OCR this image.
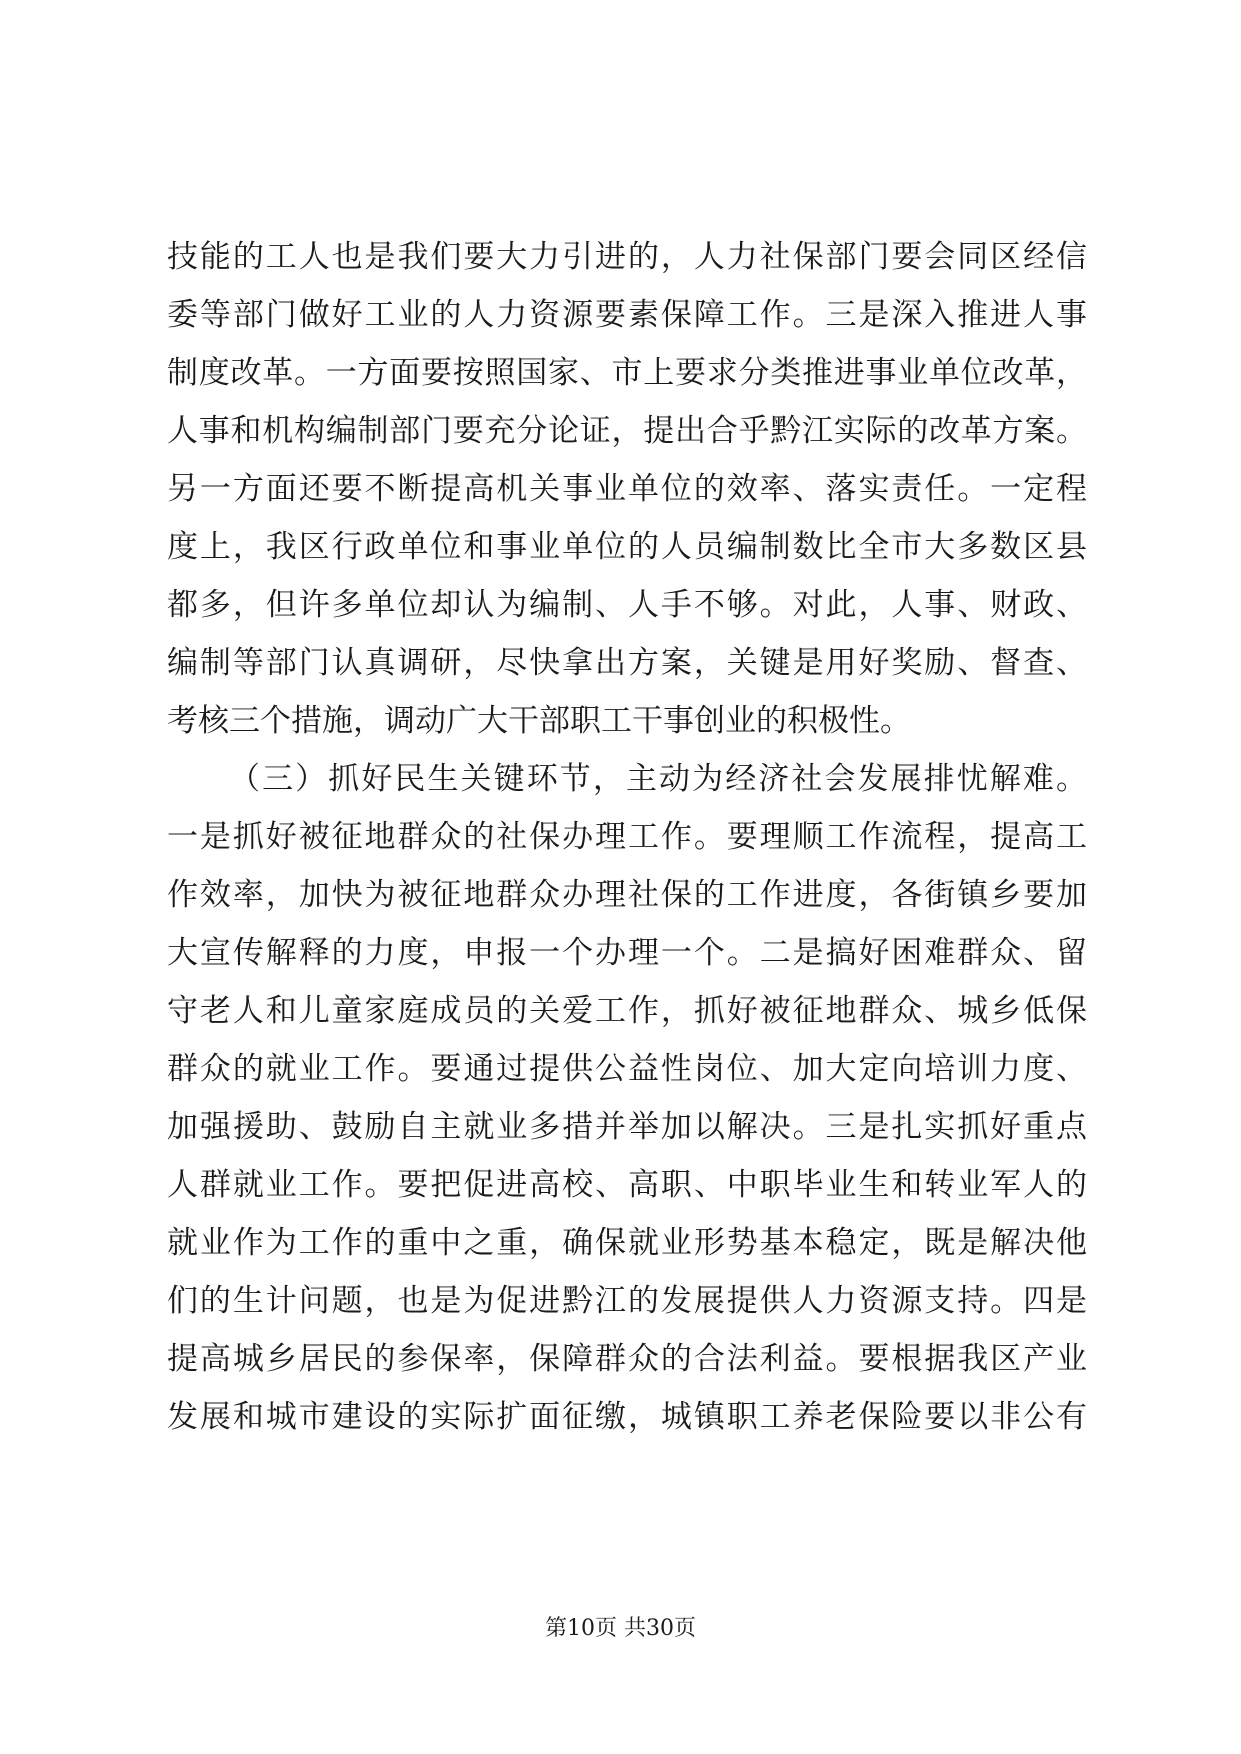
技能的工人也是我们要大力引进的，人力社保部门要会同区经信
委等部门做好工业的人力资源要素保障工作。三是深入推进人事
制度改革。一方面要按照国家、市上要求分类推进事业单位改革，
人事和机构编制部门要充分论证，提出合乎黔江实际的改革方案。
另一方面还要不断提高机关事业单位的效率、落实责任。一定程
度上，我区行政单位和事业单位的人员编制数比全市大多数区县
都多，但许多单位却认为编制、人手不够。对此，人事、财政、
编制等部门认真调研，尽快拿出方案，关键是用好奖励、督查、
考核三个措施，调动广大干部职工干事创业的积极性。
（三）抓好民生关键环节，主动为经济社会发展排忧解难。
一是抓好被征地群众的社保办理工作。要理顺工作流程，提高工
作效率，加快为被征地群众办理社保的工作进度，各街镇乡要加
大宣传解释的力度，申报一个办理一个。二是搞好困难群众、留
守老人和儿童家庭成员的关爱工作，抓好被征地群众、城乡低保
群众的就业工作。要通过提供公益性岗位、加大定向培训力度、
加强援助、鼓励自主就业多措并举加以解决。三是扎实抓好重点
人群就业工作。要把促进高校、高职、中职毕业生和转业军人的
就业作为工作的重中之重，确保就业形势基本稳定，既是解决他
们的生计问题，也是为促进黔江的发展提供人力资源支持。四是
提高城乡居民的参保率，保障群众的合法利益。要根据我区产业
发展和城市建设的实际扩面征缴，城镇职工养老保险要以非公有
第10页 共30页
